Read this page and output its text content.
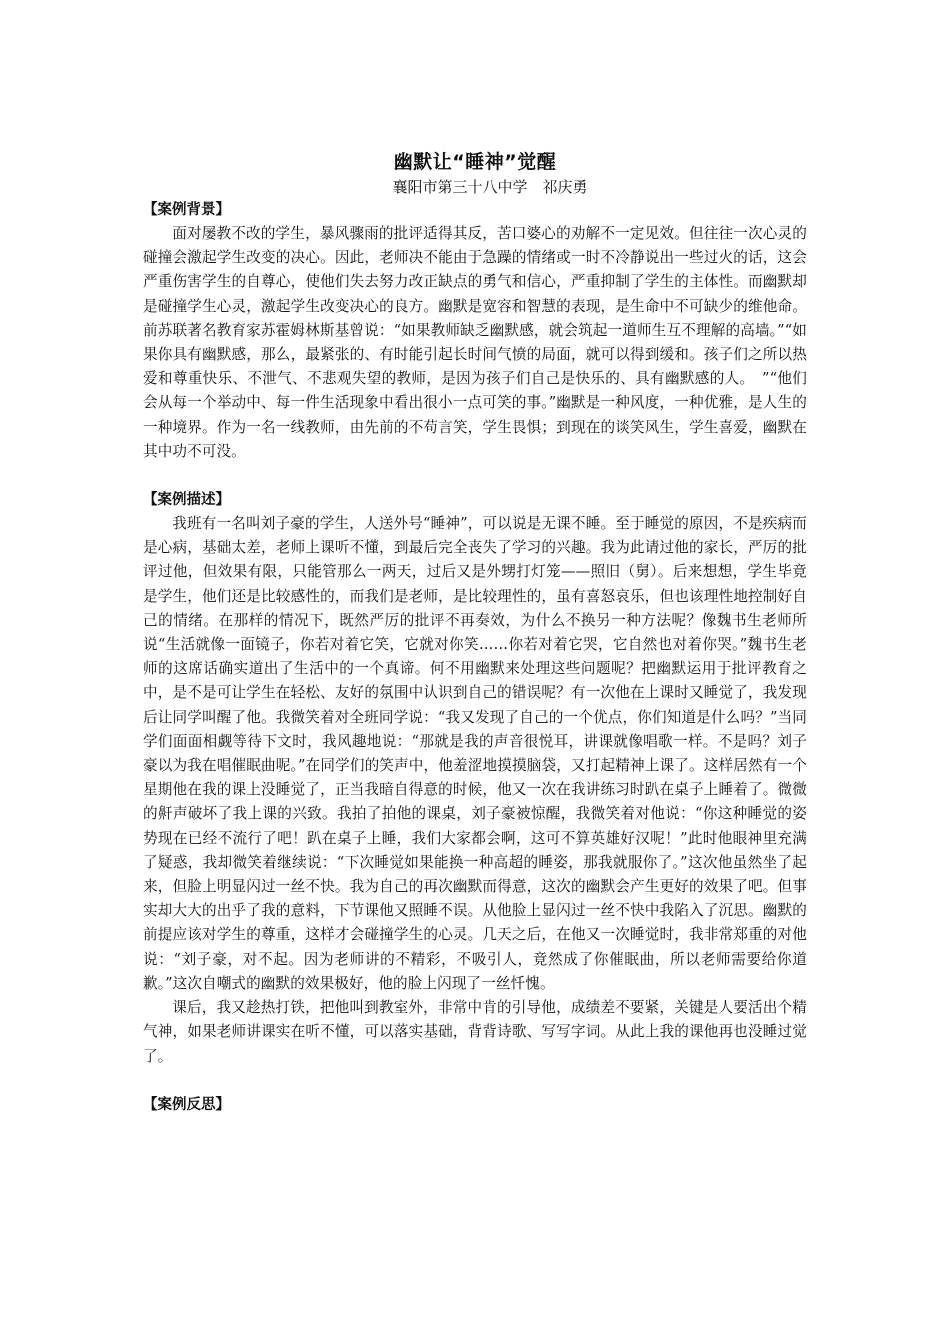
幽默让“睡神”觉醒

襄阳市第三十八中学　祁庆勇

【案例背景】

面对屡教不改的学生，暴风骤雨的批评适得其反，苦口婆心的劝解不一定见效。但往往一次心灵的碰撞会激起学生改变的决心。因此，老师决不能由于急躁的情绪或一时不冷静说出一些过火的话，这会严重伤害学生的自尊心，使他们失去努力改正缺点的勇气和信心，严重抑制了学生的主体性。而幽默却是碰撞学生心灵，激起学生改变决心的良方。幽默是宽容和智慧的表现，是生命中不可缺少的维他命。前苏联著名教育家苏霍姆林斯基曾说：“如果教师缺乏幽默感，就会筑起一道师生互不理解的高墙。”“如果你具有幽默感，那么，最紧张的、有时能引起长时间气愤的局面，就可以得到缓和。孩子们之所以热爱和尊重快乐、不泄气、不悲观失望的教师，是因为孩子们自己是快乐的、具有幽默感的人。　”“他们会从每一个举动中、每一件生活现象中看出很小一点可笑的事。”幽默是一种风度，一种优雅，是人生的一种境界。作为一名一线教师，由先前的不苟言笑，学生畏惧；到现在的谈笑风生，学生喜爱，幽默在其中功不可没。

【案例描述】

我班有一名叫刘子豪的学生，人送外号“睡神”，可以说是无课不睡。至于睡觉的原因，不是疾病而是心病，基础太差，老师上课听不懂，到最后完全丧失了学习的兴趣。我为此请过他的家长，严厉的批评过他，但效果有限，只能管那么一两天，过后又是外甥打灯笼——照旧（舅）。后来想想，学生毕竟是学生，他们还是比较感性的，而我们是老师，是比较理性的，虽有喜怒哀乐，但也该理性地控制好自己的情绪。在那样的情况下，既然严厉的批评不再奏效，为什么不换另一种方法呢？像魏书生老师所说“生活就像一面镜子，你若对着它笑，它就对你笑……你若对着它哭，它自然也对着你哭。”魏书生老师的这席话确实道出了生活中的一个真谛。何不用幽默来处理这些问题呢？把幽默运用于批评教育之中，是不是可让学生在轻松、友好的氛围中认识到自己的错误呢？有一次他在上课时又睡觉了，我发现后让同学叫醒了他。我微笑着对全班同学说：“我又发现了自己的一个优点，你们知道是什么吗？”当同学们面面相觑等待下文时，我风趣地说：“那就是我的声音很悦耳，讲课就像唱歌一样。不是吗？刘子豪以为我在唱催眠曲呢。”在同学们的笑声中，他羞涩地摸摸脑袋，又打起精神上课了。这样居然有一个星期他在我的课上没睡觉了，正当我暗自得意的时候，他又一次在我讲练习时趴在桌子上睡着了。微微的鼾声破坏了我上课的兴致。我拍了拍他的课桌，刘子豪被惊醒，我微笑着对他说：“你这种睡觉的姿势现在已经不流行了吧！趴在桌子上睡，我们大家都会啊，这可不算英雄好汉呢！”此时他眼神里充满了疑惑，我却微笑着继续说：“下次睡觉如果能换一种高超的睡姿，那我就服你了。”这次他虽然坐了起来，但脸上明显闪过一丝不快。我为自己的再次幽默而得意，这次的幽默会产生更好的效果了吧。但事实却大大的出乎了我的意料，下节课他又照睡不误。从他脸上显闪过一丝不快中我陷入了沉思。幽默的前提应该对学生的尊重，这样才会碰撞学生的心灵。几天之后，在他又一次睡觉时，我非常郑重的对他说：“刘子豪，对不起。因为老师讲的不精彩，不吸引人，竟然成了你催眠曲，所以老师需要给你道歉。”这次自嘲式的幽默的效果极好，他的脸上闪现了一丝忏愧。

课后，我又趁热打铁，把他叫到教室外，非常中肯的引导他，成绩差不要紧，关键是人要活出个精气神，如果老师讲课实在听不懂，可以落实基础，背背诗歌、写写字词。从此上我的课他再也没睡过觉了。

【案例反思】
